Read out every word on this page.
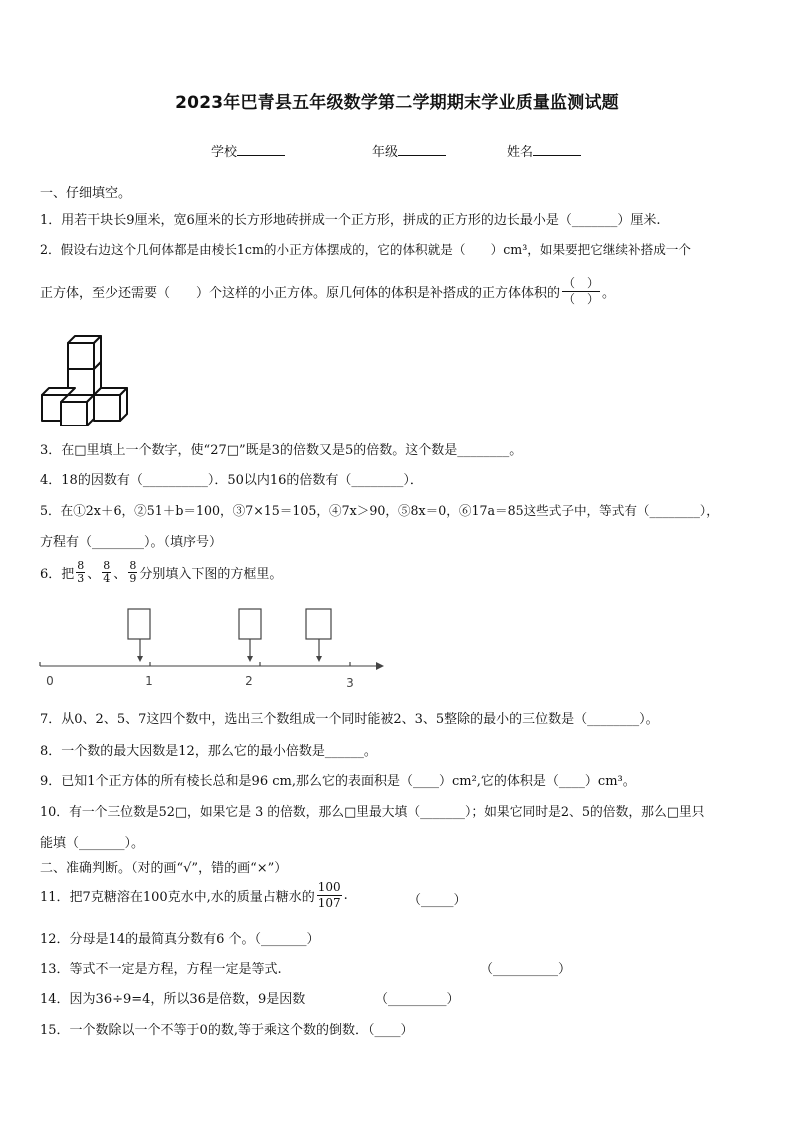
2023年巴青县五年级数学第二学期期末学业质量监测试题
学校	年级	姓名
一、仔细填空。
1．用若干块长9厘米，宽6厘米的长方形地砖拼成一个正方形，拼成的正方形的边长最小是（_______）厘米.
2．假设右边这个几何体都是由棱长1cm的小正方体摆成的，它的体积就是（　　）cm³，如果要把它继续补搭成一个
正方体，至少还需要（　　）个这样的小正方体。原几何体的体积是补搭成的正方体体积的 $\frac{( )}{( )}$ 。
3．在□里填上一个数字，使“27□”既是3的倍数又是5的倍数。这个数是________。
4．18的因数有（__________）．50以内16的倍数有（________）．
5．在①2x＋6，②51＋b＝100，③7×15＝105，④7x＞90，⑤8x＝0，⑥17a＝85这些式子中，等式有（________），
方程有（________）。（填序号）
6．把 $\frac{8}{3}$ 、 $\frac{8}{4}$ 、 $\frac{8}{9}$ 分别填入下图的方框里。
0	1	2	3
7．从0、2、5、7这四个数中，选出三个数组成一个同时能被2、3、5整除的最小的三位数是（________）。
8．一个数的最大因数是12，那么它的最小倍数是______。
9．已知1个正方体的所有棱长总和是96 cm,那么它的表面积是（____）cm²,它的体积是（____）cm³。
10．有一个三位数是52□，如果它是 3 的倍数，那么□里最大填（_______）；如果它同时是2、5的倍数，那么□里只
能填（_______）。
二、准确判断。（对的画“√”，错的画“×”）
11．把7克糖溶在100克水中,水的质量占糖水的 $\frac{100}{107}$ .	（_____）
12．分母是14的最简真分数有6 个。（_______）
13．等式不一定是方程，方程一定是等式.	（__________）
14．因为36÷9=4，所以36是倍数，9是因数	（_________）
15．一个数除以一个不等于0的数,等于乘这个数的倒数．（____）
